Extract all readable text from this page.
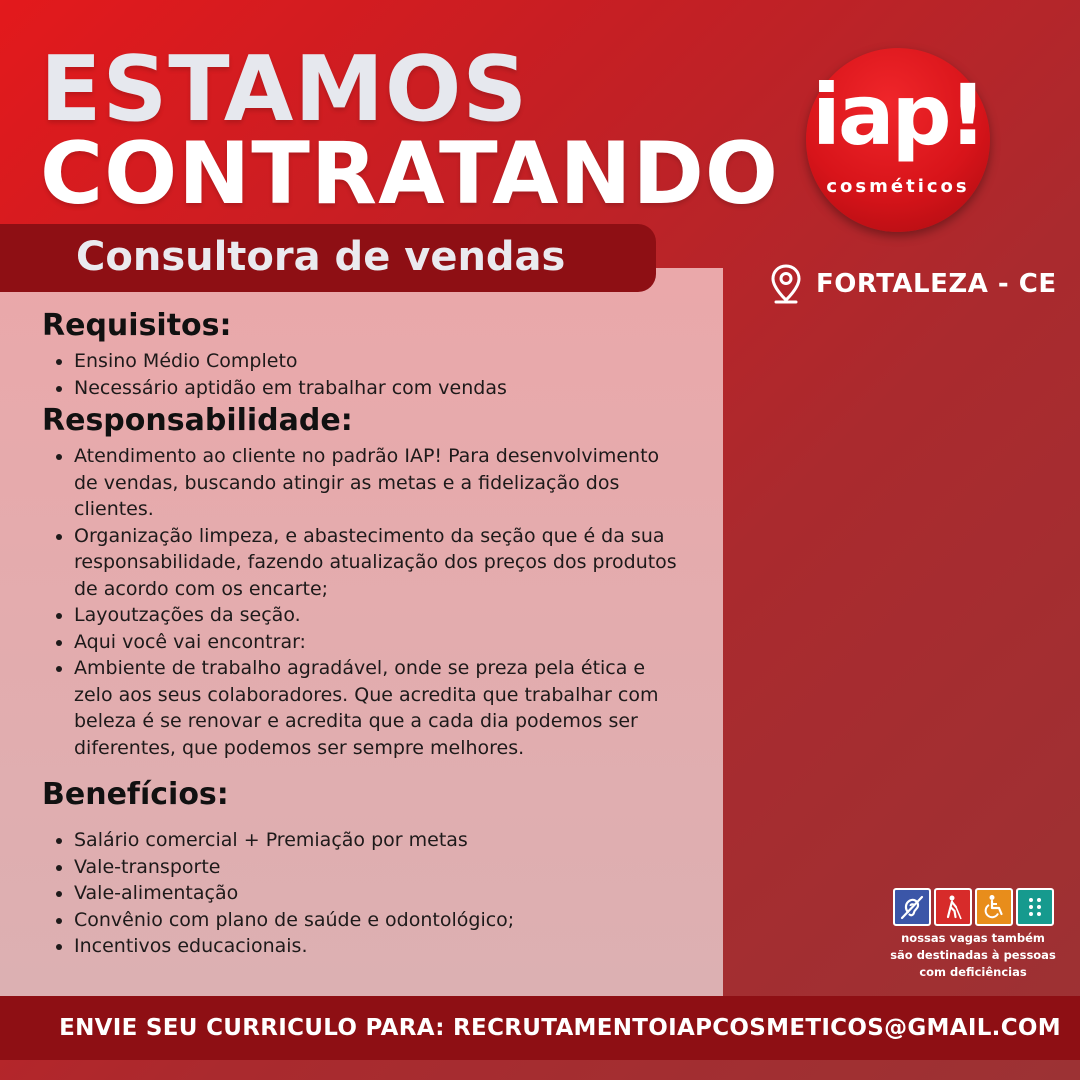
ESTAMOS
CONTRATANDO
iap!
cosméticos
Consultora de vendas
FORTALEZA - CE
Requisitos:
• Ensino Médio Completo
• Necessário aptidão em trabalhar com vendas
Responsabilidade:
• Atendimento ao cliente no padrão IAP! Para desenvolvimento de vendas, buscando atingir as metas e a fidelização dos clientes.
• Organização limpeza, e abastecimento da seção que é da sua responsabilidade, fazendo atualização dos preços dos produtos de acordo com os encarte;
• Layoutzações da seção.
• Aqui você vai encontrar:
• Ambiente de trabalho agradável, onde se preza pela ética e zelo aos seus colaboradores. Que acredita que trabalhar com beleza é se renovar e acredita que a cada dia podemos ser diferentes, que podemos ser sempre melhores.
Benefícios:
• Salário comercial + Premiação por metas
• Vale-transporte
• Vale-alimentação
• Convênio com plano de saúde e odontológico;
• Incentivos educacionais.	nossas vagas também são destinadas à pessoas com deficiências
ENVIE SEU CURRICULO PARA: RECRUTAMENTOIAPCOSMETICOS@GMAIL.COM
